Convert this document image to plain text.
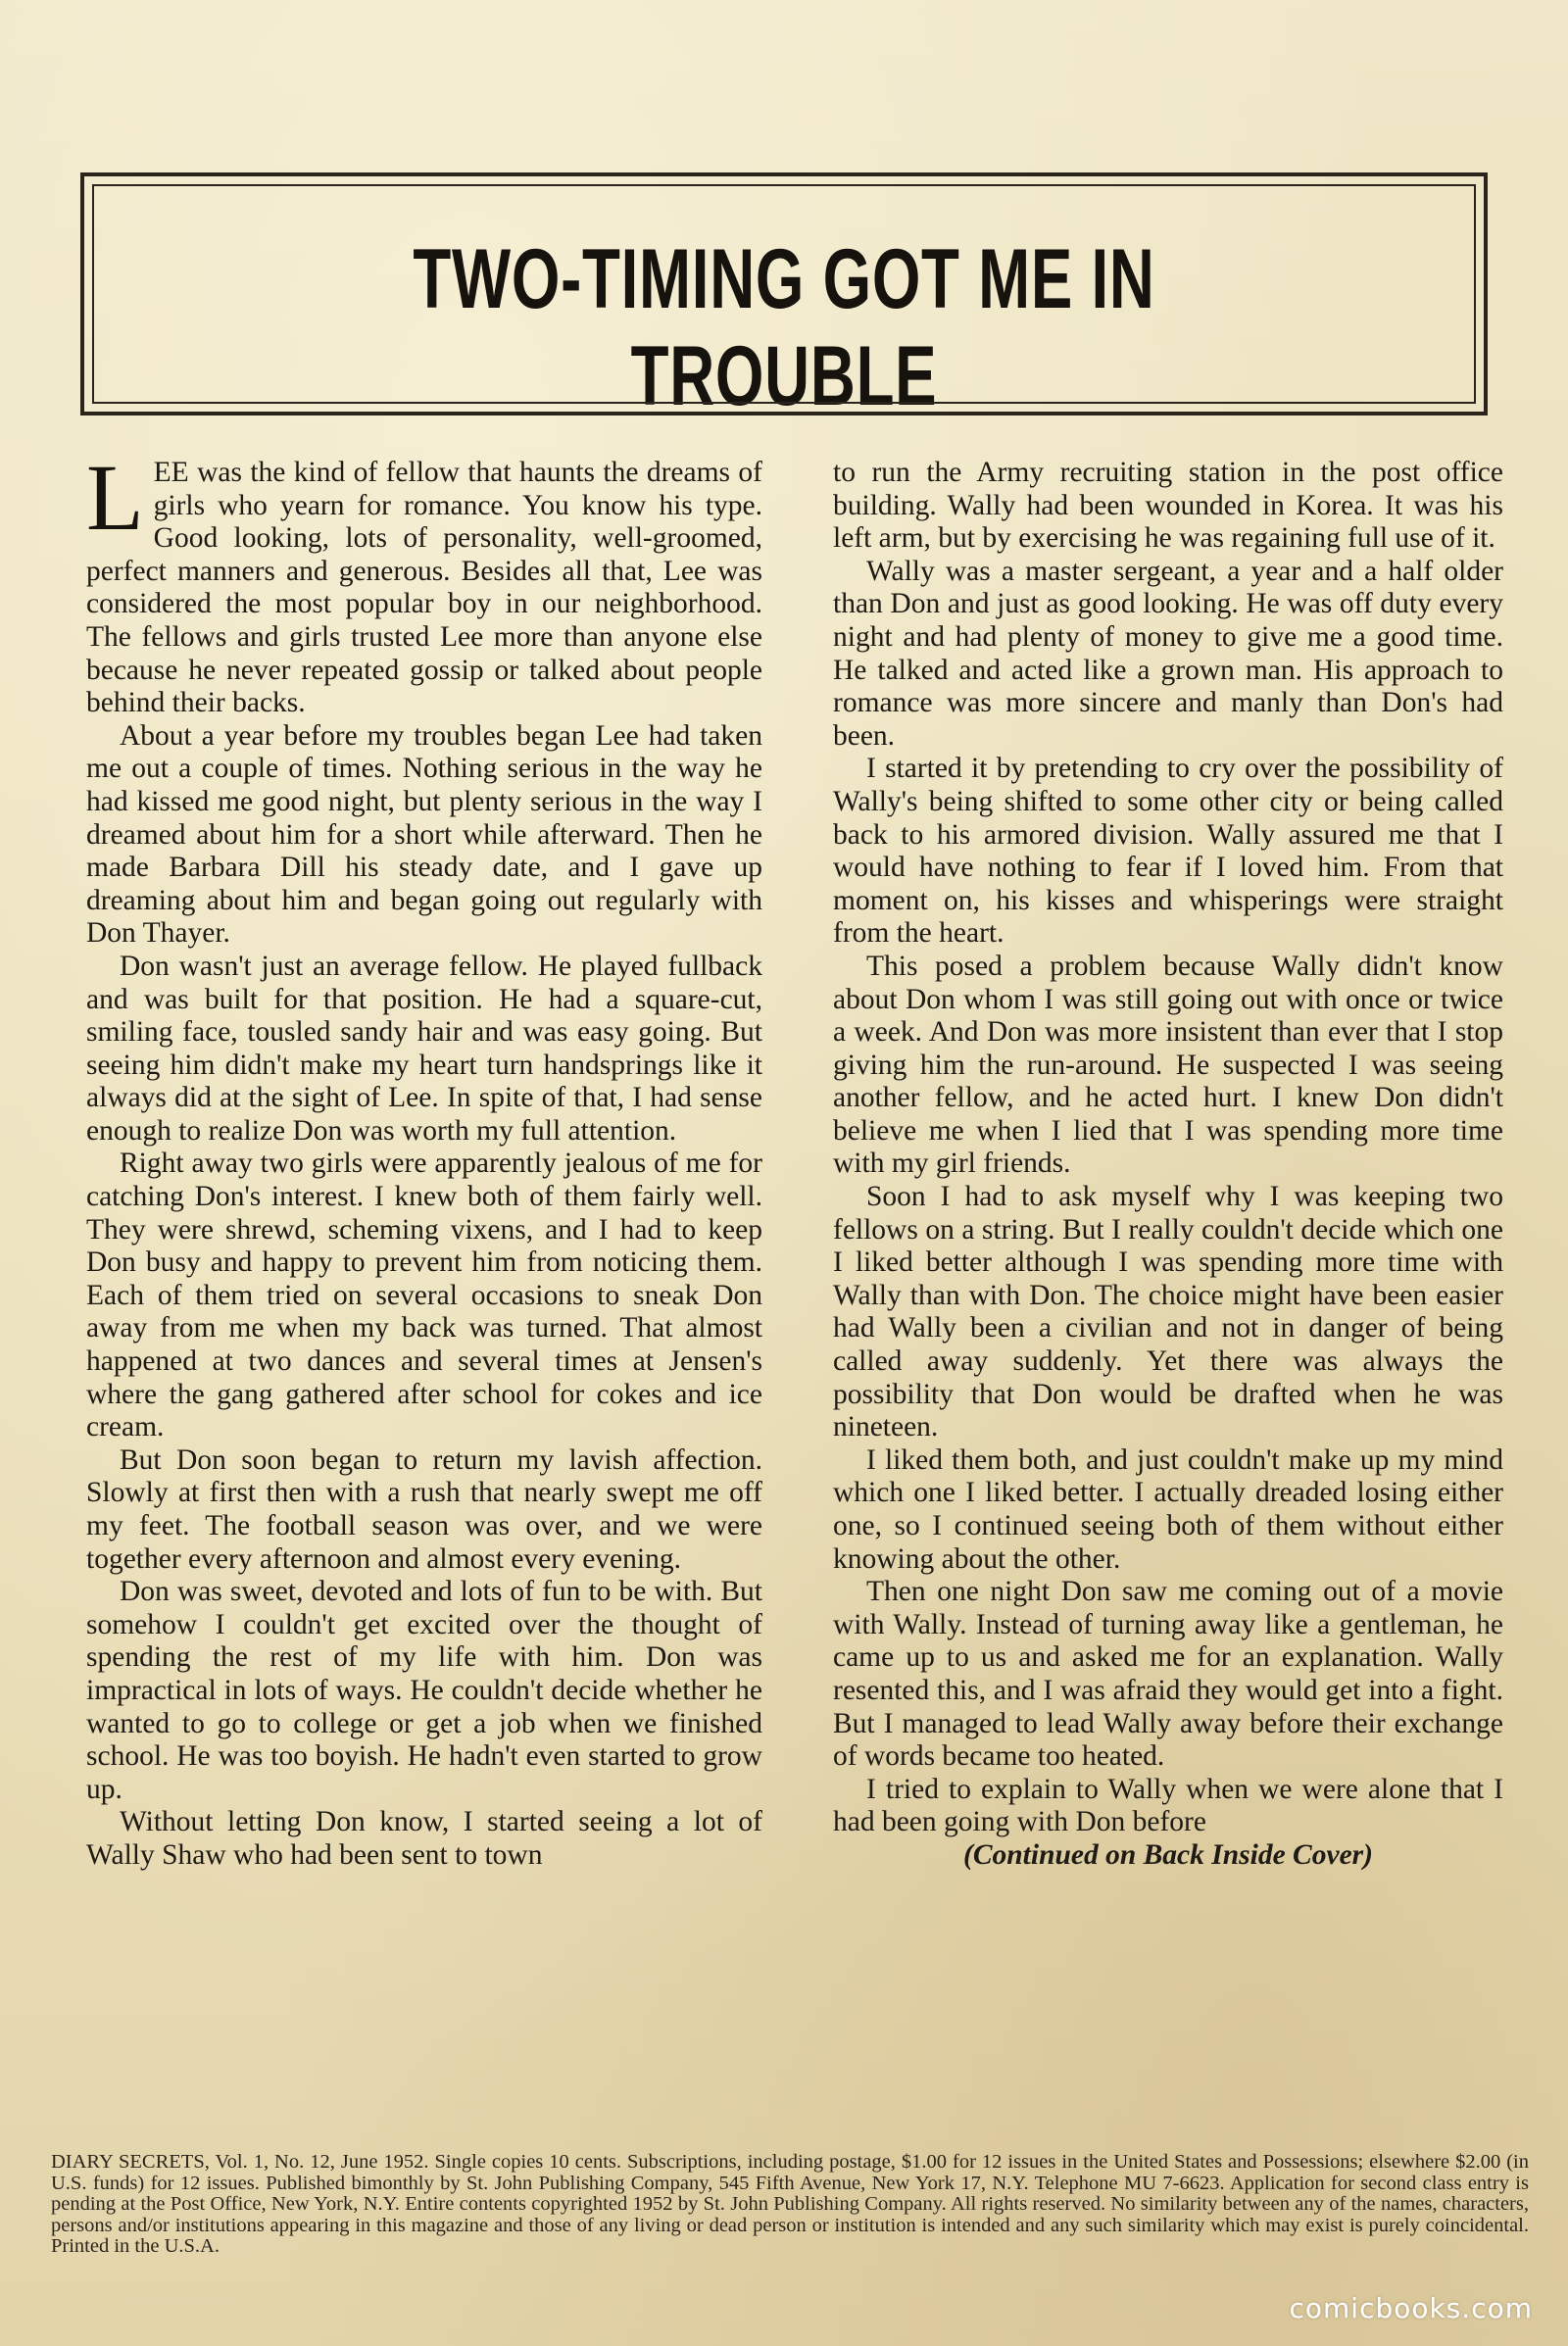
TWO-TIMING GOT ME IN TROUBLE

LEE was the kind of fellow that haunts the dreams of girls who yearn for romance. You know his type. Good looking, lots of personality, well-groomed, perfect manners and generous. Besides all that, Lee was considered the most popular boy in our neighborhood. The fellows and girls trusted Lee more than anyone else because he never repeated gossip or talked about people behind their backs.

About a year before my troubles began Lee had taken me out a couple of times. Nothing serious in the way he had kissed me good night, but plenty serious in the way I dreamed about him for a short while afterward. Then he made Barbara Dill his steady date, and I gave up dreaming about him and began going out regularly with Don Thayer.

Don wasn't just an average fellow. He played fullback and was built for that position. He had a square-cut, smiling face, tousled sandy hair and was easy going. But seeing him didn't make my heart turn handsprings like it always did at the sight of Lee. In spite of that, I had sense enough to realize Don was worth my full attention.

Right away two girls were apparently jealous of me for catching Don's interest. I knew both of them fairly well. They were shrewd, scheming vixens, and I had to keep Don busy and happy to prevent him from noticing them. Each of them tried on several occasions to sneak Don away from me when my back was turned. That almost happened at two dances and several times at Jensen's where the gang gathered after school for cokes and ice cream.

But Don soon began to return my lavish affection. Slowly at first then with a rush that nearly swept me off my feet. The football season was over, and we were together every afternoon and almost every evening.

Don was sweet, devoted and lots of fun to be with. But somehow I couldn't get excited over the thought of spending the rest of my life with him. Don was impractical in lots of ways. He couldn't decide whether he wanted to go to college or get a job when we finished school. He was too boyish. He hadn't even started to grow up.

Without letting Don know, I started seeing a lot of Wally Shaw who had been sent to town

to run the Army recruiting station in the post office building. Wally had been wounded in Korea. It was his left arm, but by exercising he was regaining full use of it.

Wally was a master sergeant, a year and a half older than Don and just as good looking. He was off duty every night and had plenty of money to give me a good time. He talked and acted like a grown man. His approach to romance was more sincere and manly than Don's had been.

I started it by pretending to cry over the possibility of Wally's being shifted to some other city or being called back to his armored division. Wally assured me that I would have nothing to fear if I loved him. From that moment on, his kisses and whisperings were straight from the heart.

This posed a problem because Wally didn't know about Don whom I was still going out with once or twice a week. And Don was more insistent than ever that I stop giving him the run-around. He suspected I was seeing another fellow, and he acted hurt. I knew Don didn't believe me when I lied that I was spending more time with my girl friends.

Soon I had to ask myself why I was keeping two fellows on a string. But I really couldn't decide which one I liked better although I was spending more time with Wally than with Don. The choice might have been easier had Wally been a civilian and not in danger of being called away suddenly. Yet there was always the possibility that Don would be drafted when he was nineteen.

I liked them both, and just couldn't make up my mind which one I liked better. I actually dreaded losing either one, so I continued seeing both of them without either knowing about the other.

Then one night Don saw me coming out of a movie with Wally. Instead of turning away like a gentleman, he came up to us and asked me for an explanation. Wally resented this, and I was afraid they would get into a fight. But I managed to lead Wally away before their exchange of words became too heated.

I tried to explain to Wally when we were alone that I had been going with Don before

(Continued on Back Inside Cover)

DIARY SECRETS, Vol. 1, No. 12, June 1952. Single copies 10 cents. Subscriptions, including postage, $1.00 for 12 issues in the United States and Possessions; elsewhere $2.00 (in U.S. funds) for 12 issues. Published bimonthly by St. John Publishing Company, 545 Fifth Avenue, New York 17, N.Y. Telephone MU 7-6623. Application for second class entry is pending at the Post Office, New York, N.Y. Entire contents copyrighted 1952 by St. John Publishing Company. All rights reserved. No similarity between any of the names, characters, persons and/or institutions appearing in this magazine and those of any living or dead person or institution is intended and any such similarity which may exist is purely coincidental. Printed in the U.S.A.
comicbooks.com
